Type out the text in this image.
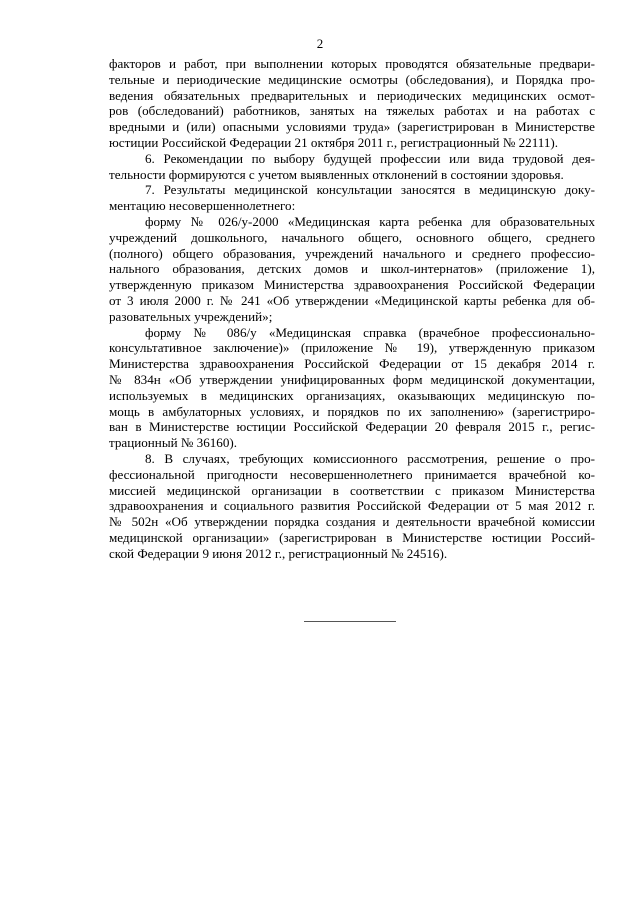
2
факторов и работ, при выполнении которых проводятся обязательные предвари-
тельные и периодические медицинские осмотры (обследования), и Порядка про-
ведения обязательных предварительных и периодических медицинских осмот-
ров (обследований) работников, занятых на тяжелых работах и на работах с
вредными и (или) опасными условиями труда» (зарегистрирован в Министерстве
юстиции Российской Федерации 21 октября 2011 г., регистрационный № 22111).
6. Рекомендации по выбору будущей профессии или вида трудовой дея-
тельности формируются с учетом выявленных отклонений в состоянии здоровья.
7. Результаты медицинской консультации заносятся в медицинскую доку-
ментацию несовершеннолетнего:
форму № 026/у-2000 «Медицинская карта ребенка для образовательных
учреждений дошкольного, начального общего, основного общего, среднего
(полного) общего образования, учреждений начального и среднего профессио-
нального образования, детских домов и школ-интернатов» (приложение 1),
утвержденную приказом Министерства здравоохранения Российской Федерации
от 3 июля 2000 г. № 241 «Об утверждении «Медицинской карты ребенка для об-
разовательных учреждений»;
форму № 086/у «Медицинская справка (врачебное профессионально-
консультативное заключение)» (приложение № 19), утвержденную приказом
Министерства здравоохранения Российской Федерации от 15 декабря 2014 г.
№ 834н «Об утверждении унифицированных форм медицинской документации,
используемых в медицинских организациях, оказывающих медицинскую по-
мощь в амбулаторных условиях, и порядков по их заполнению» (зарегистриро-
ван в Министерстве юстиции Российской Федерации 20 февраля 2015 г., регис-
трационный № 36160).
8. В случаях, требующих комиссионного рассмотрения, решение о про-
фессиональной пригодности несовершеннолетнего принимается врачебной ко-
миссией медицинской организации в соответствии с приказом Министерства
здравоохранения и социального развития Российской Федерации от 5 мая 2012 г.
№ 502н «Об утверждении порядка создания и деятельности врачебной комиссии
медицинской организации» (зарегистрирован в Министерстве юстиции Россий-
ской Федерации 9 июня 2012 г., регистрационный № 24516).
